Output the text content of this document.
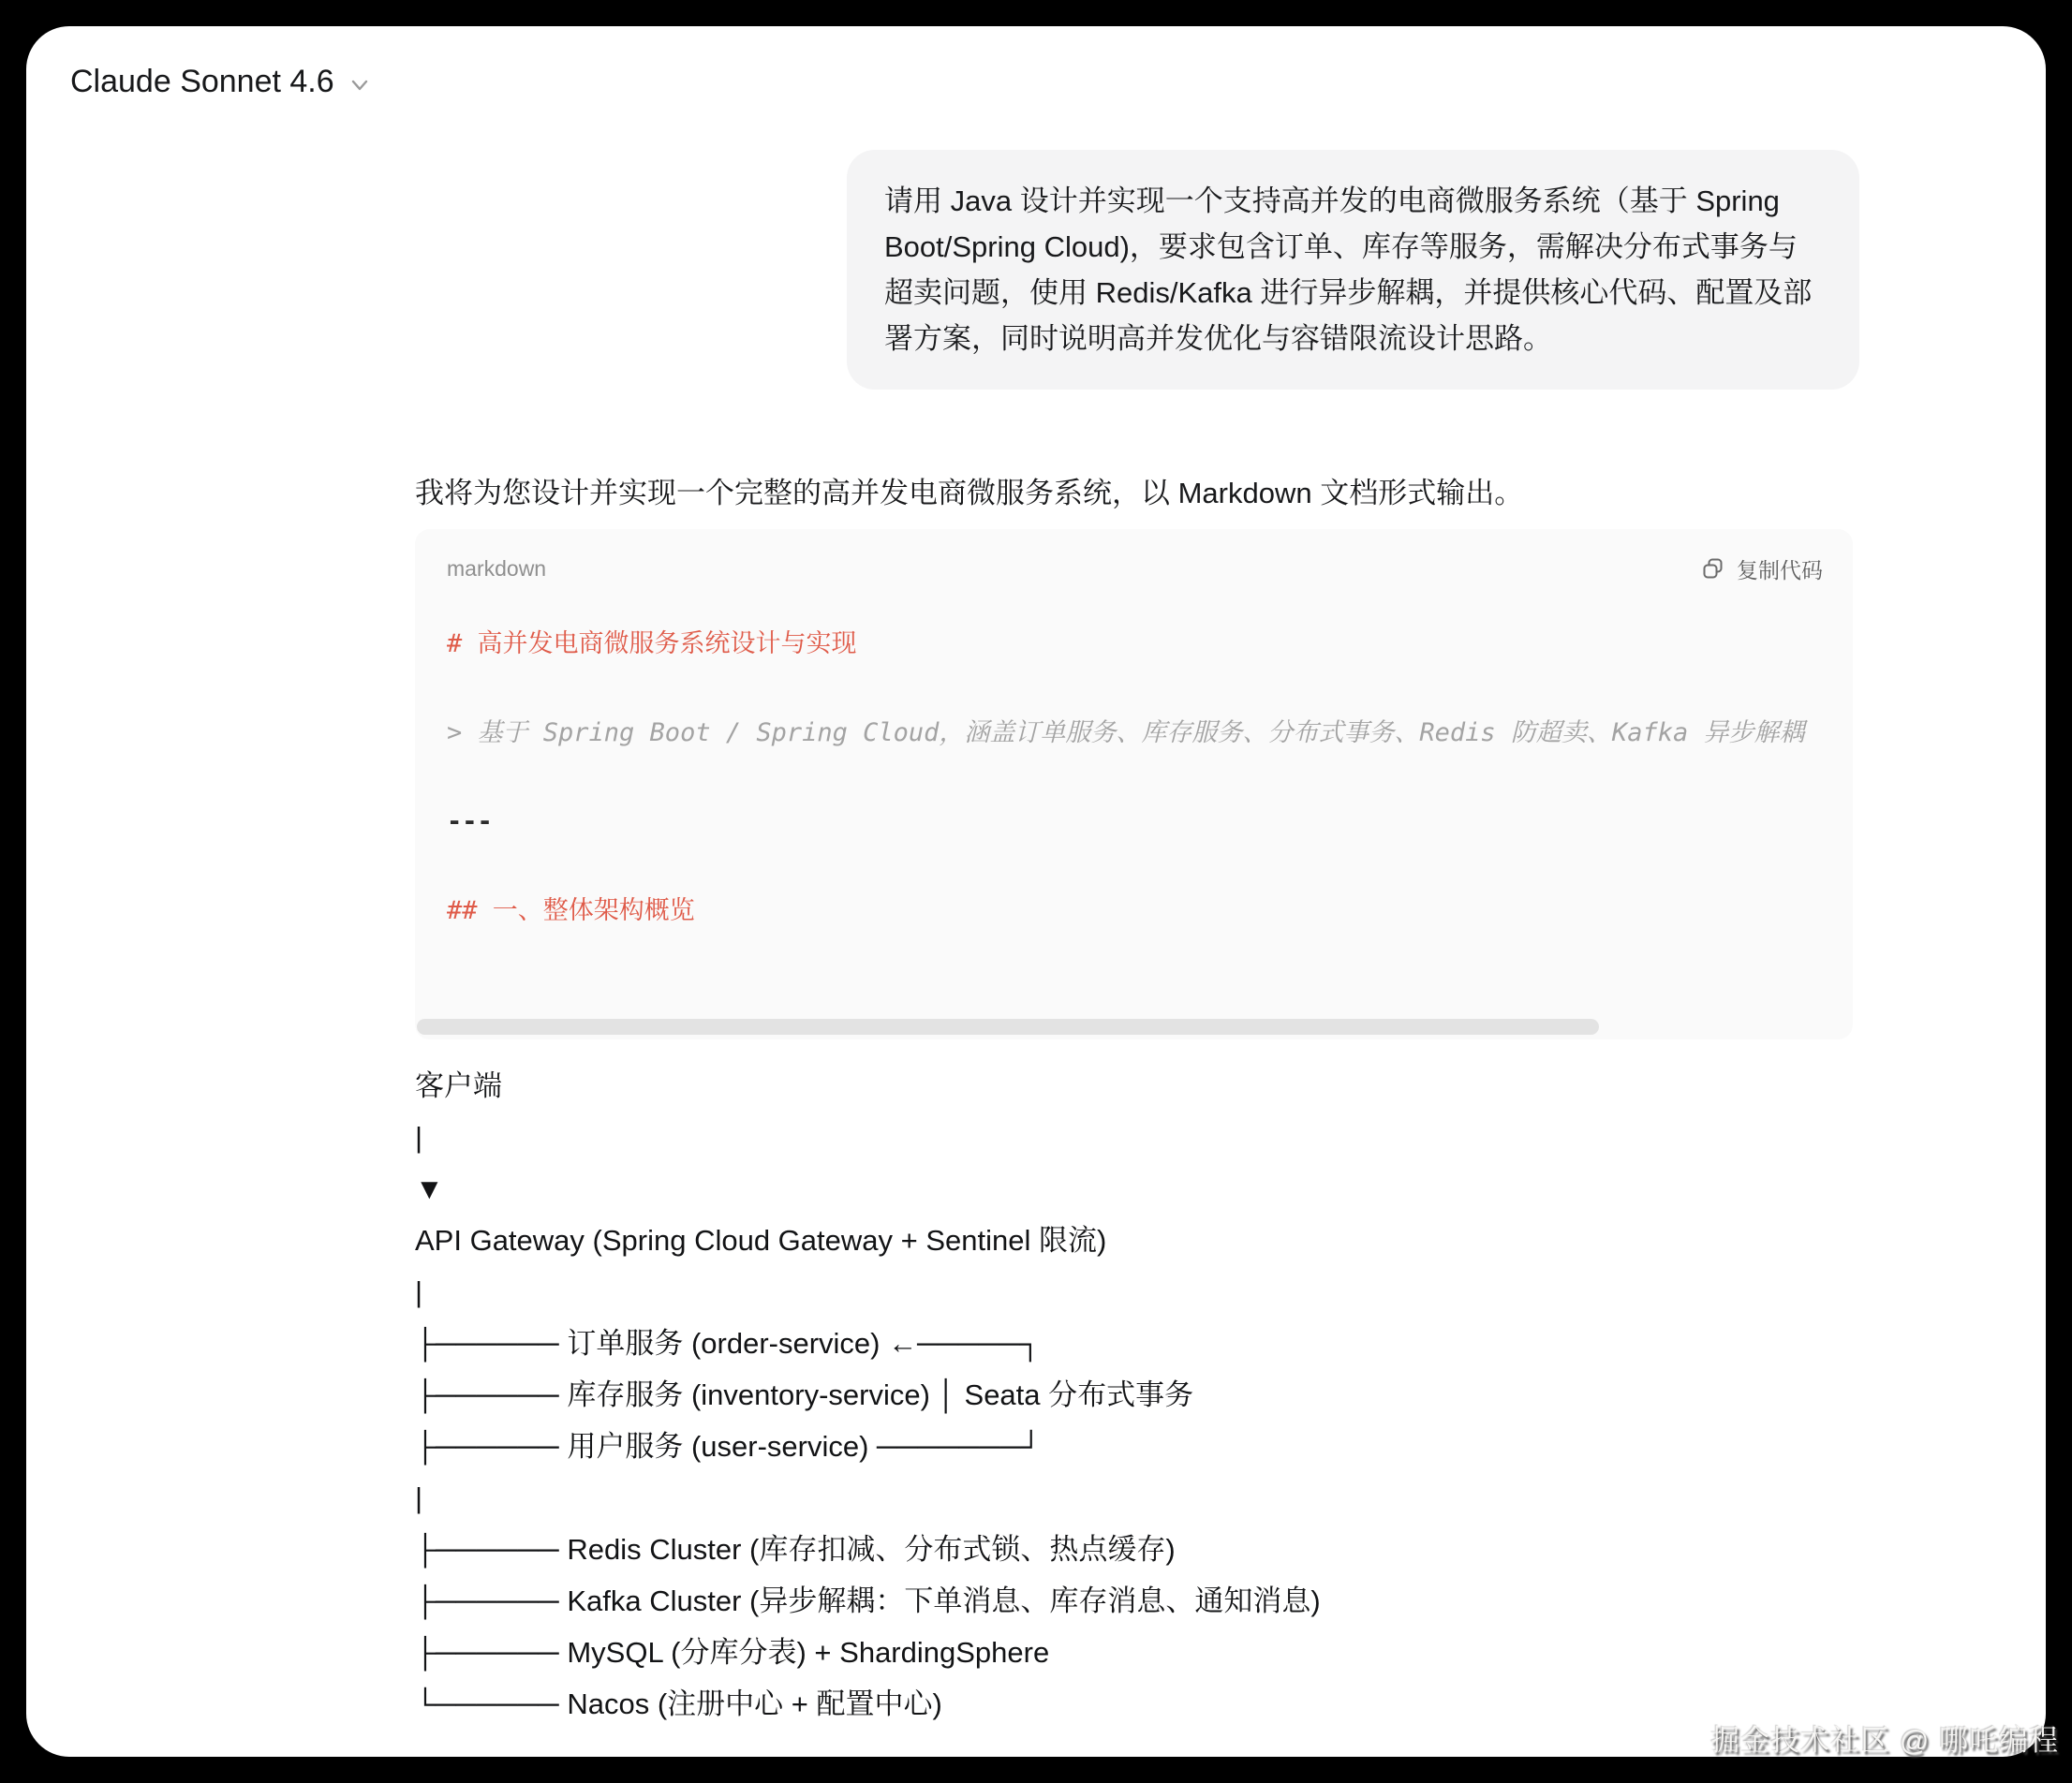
Claude Sonnet 4.6
请用 Java 设计并实现一个支持高并发的电商微服务系统（基于 Spring Boot/Spring Cloud)，要求包含订单、库存等服务，需解决分布式事务与超卖问题，使用 Redis/Kafka 进行异步解耦，并提供核心代码、配置及部署方案，同时说明高并发优化与容错限流设计思路。
我将为您设计并实现一个完整的高并发电商微服务系统，以 Markdown 文档形式输出。
markdown	复制代码
# 高并发电商微服务系统设计与实现
> 基于 Spring Boot / Spring Cloud，涵盖订单服务、库存服务、分布式事务、Redis 防超卖、Kafka 异步解耦
---
## 一、整体架构概览
客户端
|
▼
API Gateway (Spring Cloud Gateway + Sentinel 限流)
|
├────── 订单服务 (order-service) ←─────┐
├────── 库存服务 (inventory-service) │ Seata 分布式事务
├────── 用户服务 (user-service) ───────┘
|
├────── Redis Cluster (库存扣减、分布式锁、热点缓存)
├────── Kafka Cluster (异步解耦：下单消息、库存消息、通知消息)
├────── MySQL (分库分表) + ShardingSphere
└────── Nacos (注册中心 + 配置中心)
掘金技术社区 @ 哪吒编程
